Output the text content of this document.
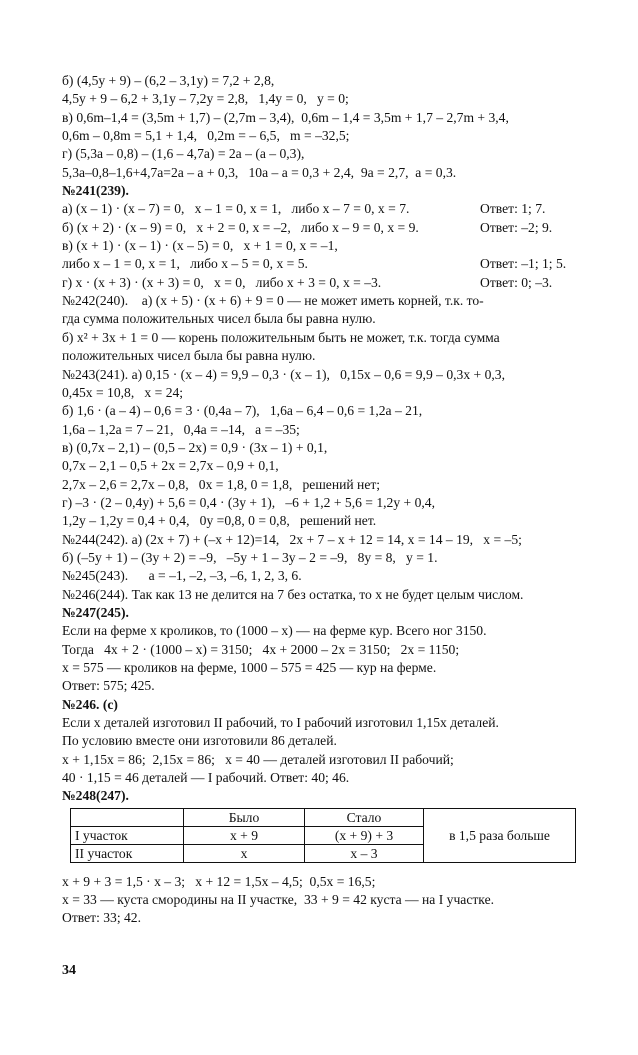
б) (4,5y + 9) – (6,2 – 3,1y) = 7,2 + 2,8,

4,5y + 9 – 6,2 + 3,1y – 7,2y = 2,8,   1,4y = 0,   y = 0;

в) 0,6m–1,4 = (3,5m + 1,7) – (2,7m – 3,4),  0,6m – 1,4 = 3,5m + 1,7 – 2,7m + 3,4,

0,6m – 0,8m = 5,1 + 1,4,   0,2m = – 6,5,   m = –32,5;

г) (5,3a – 0,8) – (1,6 – 4,7a) = 2a – (a – 0,3),

5,3a–0,8–1,6+4,7a=2a – a + 0,3,   10a – a = 0,3 + 2,4,  9a = 2,7,  a = 0,3.

№241(239).

а) (x – 1) · (x – 7) = 0,   x – 1 = 0, x = 1,   либо x – 7 = 0, x = 7.	Ответ: 1; 7.
б) (x + 2) · (x – 9) = 0,   x + 2 = 0, x = –2,   либо x – 9 = 0, x = 9.	Ответ: –2; 9.
в) (x + 1) · (x – 1) · (x – 5) = 0,   x + 1 = 0, x = –1,
либо x – 1 = 0, x = 1,   либо x – 5 = 0, x = 5.	Ответ: –1; 1; 5.
г) x · (x + 3) · (x + 3) = 0,   x = 0,   либо x + 3 = 0, x = –3.	Ответ: 0; –3.

№242(240).    а) (x + 5) · (x + 6) + 9 = 0 — не может иметь корней, т.к. то-

гда сумма положительных чисел была бы равна нулю.

б) x² + 3x + 1 = 0 — корень положительным быть не может, т.к. тогда сумма

положительных чисел была бы равна нулю.

№243(241). а) 0,15 · (x – 4) = 9,9 – 0,3 · (x – 1),   0,15x – 0,6 = 9,9 – 0,3x + 0,3,

0,45x = 10,8,   x = 24;

б) 1,6 · (a – 4) – 0,6 = 3 · (0,4a – 7),   1,6a – 6,4 – 0,6 = 1,2a – 21,

1,6a – 1,2a = 7 – 21,   0,4a = –14,   a = –35;

в) (0,7x – 2,1) – (0,5 – 2x) = 0,9 · (3x – 1) + 0,1,

0,7x – 2,1 – 0,5 + 2x = 2,7x – 0,9 + 0,1,

2,7x – 2,6 = 2,7x – 0,8,   0x = 1,8, 0 = 1,8,   решений нет;

г) –3 · (2 – 0,4y) + 5,6 = 0,4 · (3y + 1),   –6 + 1,2 + 5,6 = 1,2y + 0,4,

1,2y – 1,2y = 0,4 + 0,4,   0y =0,8, 0 = 0,8,   решений нет.

№244(242). а) (2x + 7) + (–x + 12)=14,   2x + 7 – x + 12 = 14, x = 14 – 19,   x = –5;

б) (–5y + 1) – (3y + 2) = –9,   –5y + 1 – 3y – 2 = –9,   8y = 8,   y = 1.

№245(243).      a = –1, –2, –3, –6, 1, 2, 3, 6.

№246(244). Так как 13 не делится на 7 без остатка, то x не будет целым числом.

№247(245).

Если на ферме x кроликов, то (1000 – x) — на ферме кур. Всего ног 3150.

Тогда   4x + 2 · (1000 – x) = 3150;   4x + 2000 – 2x = 3150;   2x = 1150;

x = 575 — кроликов на ферме, 1000 – 575 = 425 — кур на ферме.

Ответ: 575; 425.

№246. (с)

Если x деталей изготовил II рабочий, то I рабочий изготовил 1,15x деталей.

По условию вместе они изготовили 86 деталей.

x + 1,15x = 86;  2,15x = 86;   x = 40 — деталей изготовил II рабочий;

40 · 1,15 = 46 деталей — I рабочий. Ответ: 40; 46.

№248(247).

	Было	Стало	в 1,5 раза больше
I участок	x + 9	(x + 9) + 3	
II участок	x	x – 3	

x + 9 + 3 = 1,5 · x – 3;   x + 12 = 1,5x – 4,5;  0,5x = 16,5;

x = 33 — куста смородины на II участке,  33 + 9 = 42 куста — на I участке.

Ответ: 33; 42.

34
